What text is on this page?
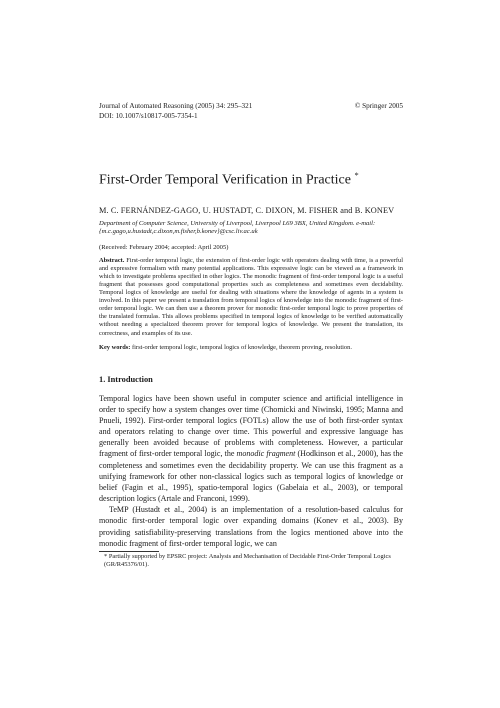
Journal of Automated Reasoning (2005) 34: 295–321
DOI: 10.1007/s10817-005-7354-1
© Springer 2005
First-Order Temporal Verification in Practice *
M. C. FERNÁNDEZ-GAGO, U. HUSTADT, C. DIXON, M. FISHER and B. KONEV
Department of Computer Science, University of Liverpool, Liverpool L69 3BX, United Kingdom. e-mail: {m.c.gago,u.hustadt,c.dixon,m.fisher,b.konev}@csc.liv.ac.uk
(Received: February 2004; accepted: April 2005)
Abstract. First-order temporal logic, the extension of first-order logic with operators dealing with time, is a powerful and expressive formalism with many potential applications. This expressive logic can be viewed as a framework in which to investigate problems specified in other logics. The monodic fragment of first-order temporal logic is a useful fragment that possesses good computational properties such as completeness and sometimes even decidability. Temporal logics of knowledge are useful for dealing with situations where the knowledge of agents in a system is involved. In this paper we present a translation from temporal logics of knowledge into the monodic fragment of first-order temporal logic. We can then use a theorem prover for monodic first-order temporal logic to prove properties of the translated formulas. This allows problems specified in temporal logics of knowledge to be verified automatically without needing a specialized theorem prover for temporal logics of knowledge. We present the translation, its correctness, and examples of its use.
Key words: first-order temporal logic, temporal logics of knowledge, theorem proving, resolution.
1. Introduction

Temporal logics have been shown useful in computer science and artificial intelligence in order to specify how a system changes over time (Chomicki and Niwinski, 1995; Manna and Pnueli, 1992). First-order temporal logics (FOTLs) allow the use of both first-order syntax and operators relating to change over time. This powerful and expressive language has generally been avoided because of problems with completeness. However, a particular fragment of first-order temporal logic, the monodic fragment (Hodkinson et al., 2000), has the completeness and sometimes even the decidability property. We can use this fragment as a unifying framework for other non-classical logics such as temporal logics of knowledge or belief (Fagin et al., 1995), spatio-temporal logics (Gabelaia et al., 2003), or temporal description logics (Artale and Franconi, 1999).

TeMP (Hustadt et al., 2004) is an implementation of a resolution-based calculus for monodic first-order temporal logic over expanding domains (Konev et al., 2003). By providing satisfiability-preserving translations from the logics mentioned above into the monodic fragment of first-order temporal logic, we can

* Partially supported by EPSRC project: Analysis and Mechanisation of Decidable First-Order Temporal Logics (GR/R45376/01).
